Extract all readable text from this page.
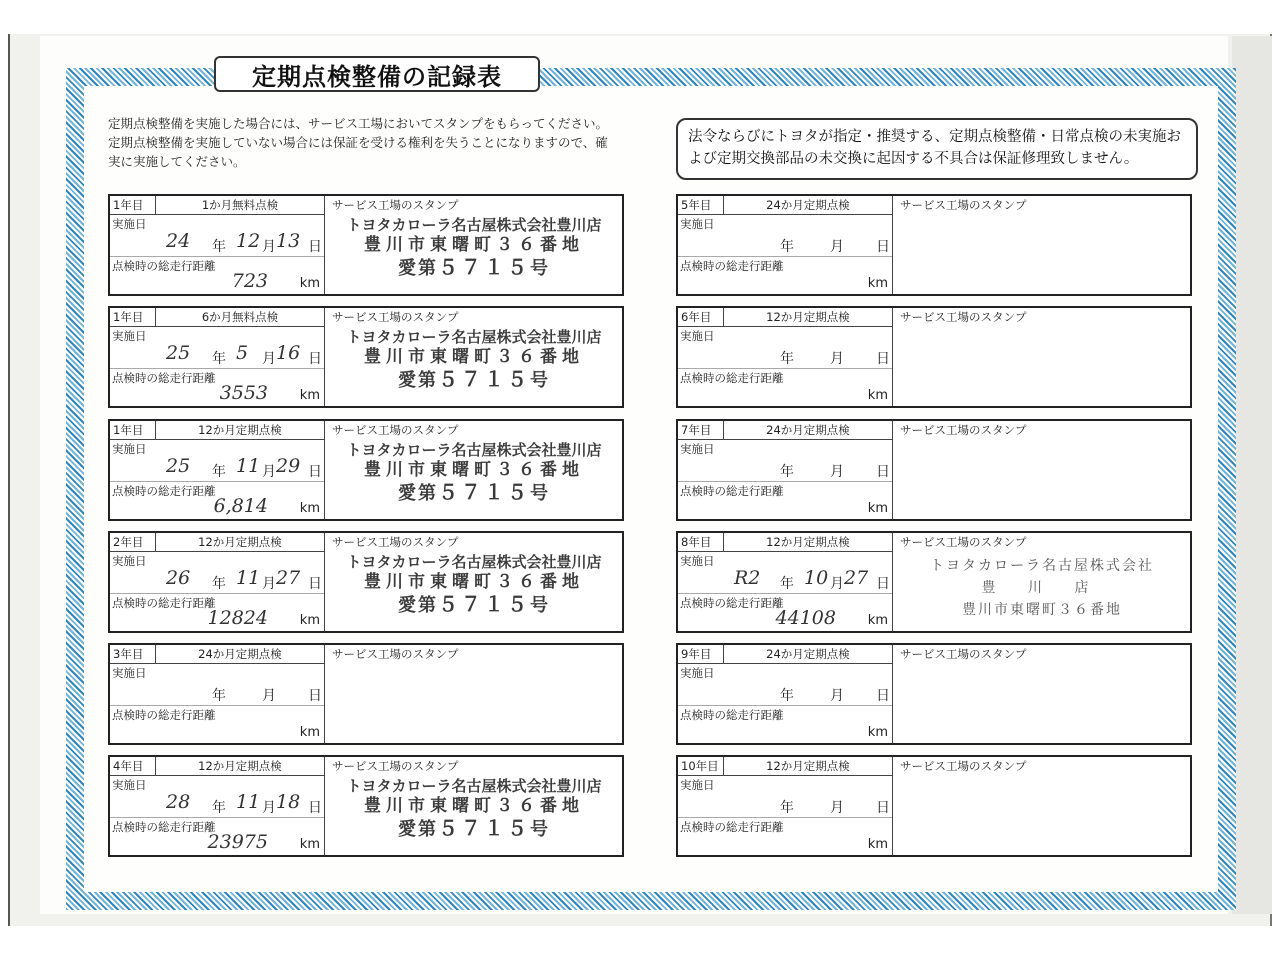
定期点検整備の記録表
定期点検整備を実施した場合には、サービス工場においてスタンプをもらってください。定期点検整備を実施していない場合には保証を受ける権利を失うことになりますので、確実に実施してください。
法令ならびにトヨタが指定・推奨する、定期点検整備・日常点検の未実施および定期交換部品の未交換に起因する不具合は保証修理致しません。
1年目	1か月無料点検
実施日
24 年 12 月 13 日
点検時の総走行距離
723 km
サービス工場のスタンプ
トヨタカローラ名古屋株式会社豊川店
豊川市東曙町３６番地
愛第５７１５号
1年目	6か月無料点検
実施日
25 年 5 月 16 日
点検時の総走行距離
3553 km
サービス工場のスタンプ
トヨタカローラ名古屋株式会社豊川店
豊川市東曙町３６番地
愛第５７１５号
1年目	12か月定期点検
実施日
25 年 11 月 29 日
点検時の総走行距離
6,814 km
サービス工場のスタンプ
トヨタカローラ名古屋株式会社豊川店
豊川市東曙町３６番地
愛第５７１５号
2年目	12か月定期点検
実施日
26 年 11 月 27 日
点検時の総走行距離
12824 km
サービス工場のスタンプ
トヨタカローラ名古屋株式会社豊川店
豊川市東曙町３６番地
愛第５７１５号
3年目	24か月定期点検
実施日
年	月 日
点検時の総走行距離
km
サービス工場のスタンプ
4年目	12か月定期点検
実施日
28 年 11 月 18 日
点検時の総走行距離
23975 km
サービス工場のスタンプ
トヨタカローラ名古屋株式会社豊川店
豊川市東曙町３６番地
愛第５７１５号
5年目	24か月定期点検
実施日
年	月 日
点検時の総走行距離
km
サービス工場のスタンプ
6年目	12か月定期点検
実施日
年	月 日
点検時の総走行距離
km
サービス工場のスタンプ
7年目	24か月定期点検
実施日
年	月 日
点検時の総走行距離
km
サービス工場のスタンプ
8年目	12か月定期点検
実施日
R2 年 10 月 27 日
点検時の総走行距離
44108 km
サービス工場のスタンプ
トヨタカローラ名古屋株式会社
豊 川 店
豊川市東曙町３６番地
9年目	24か月定期点検
実施日
年	月 日
点検時の総走行距離
km
サービス工場のスタンプ
10年目	12か月定期点検
実施日
年	月 日
点検時の総走行距離
km
サービス工場のスタンプ
